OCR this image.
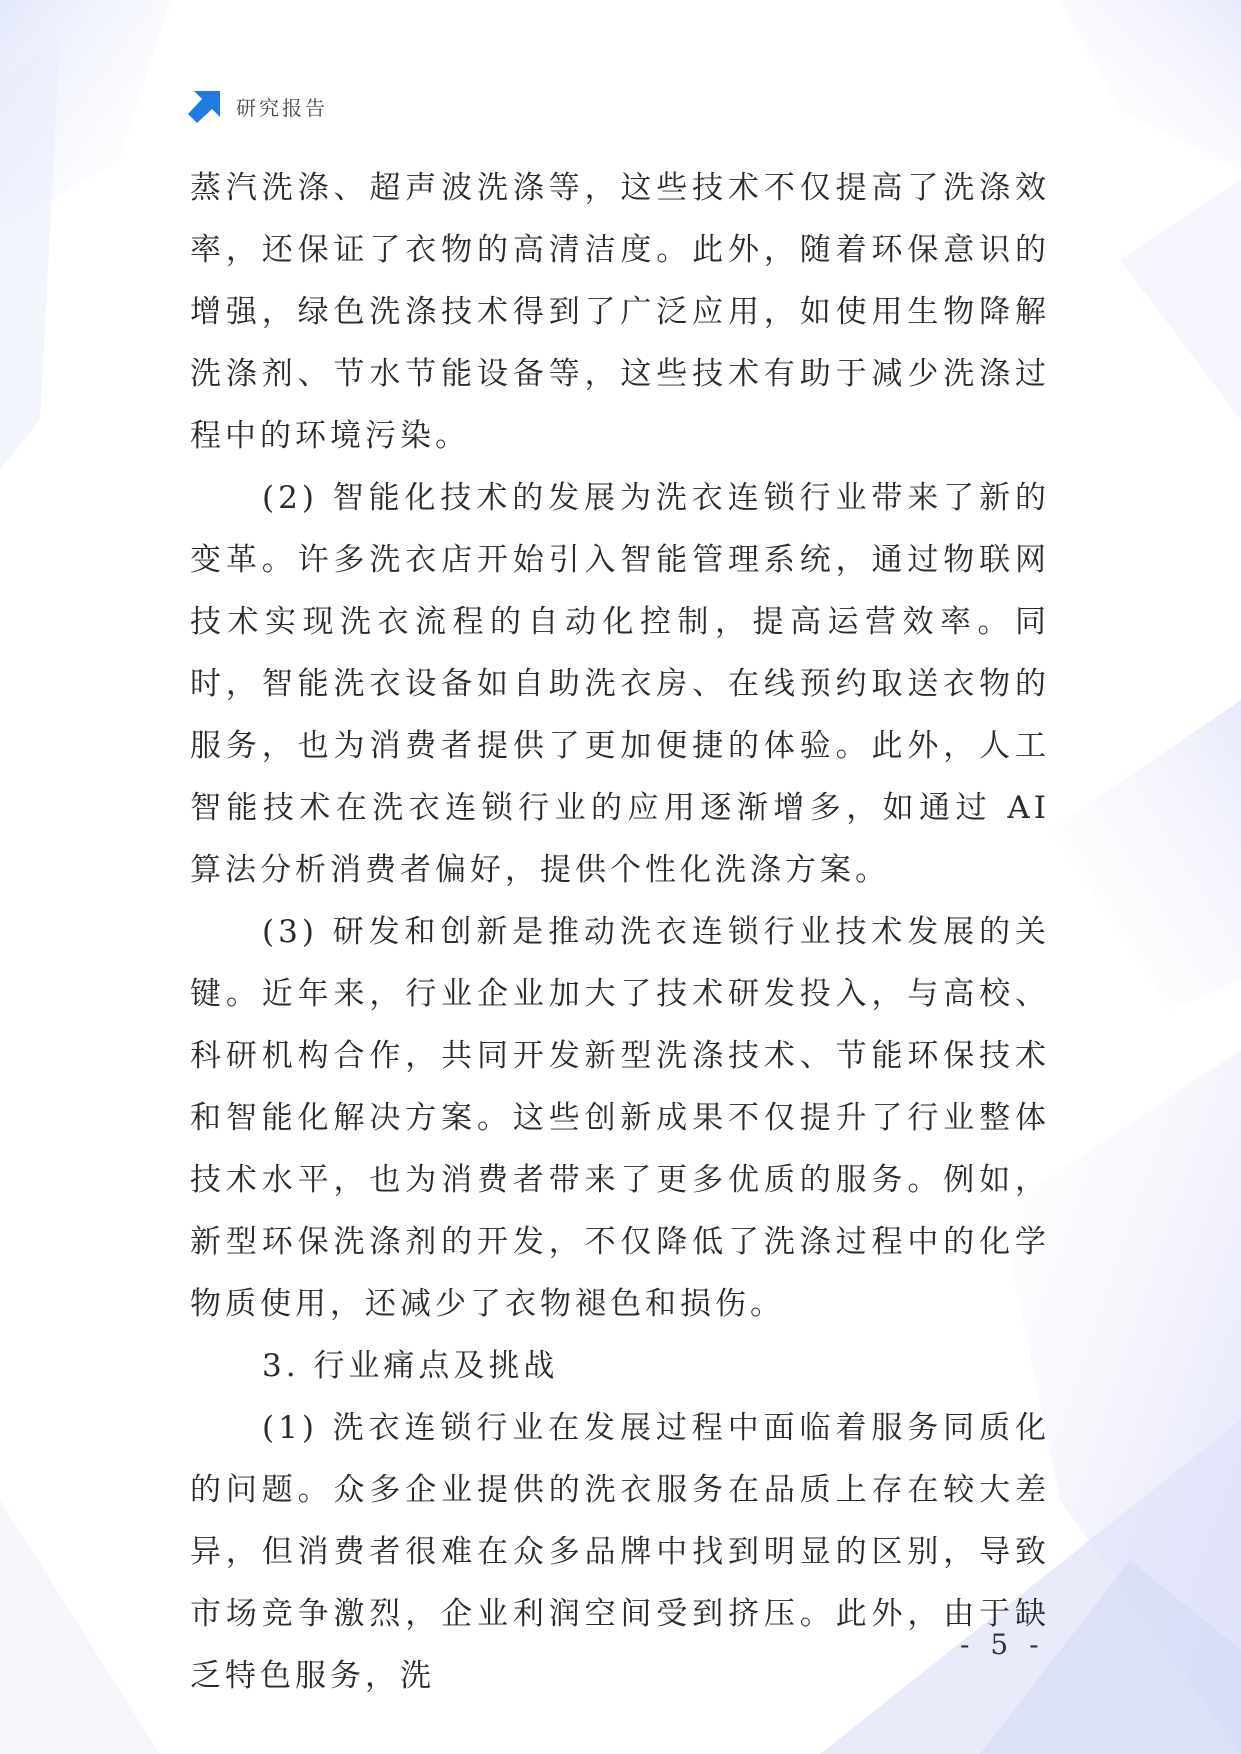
研究报告

蒸汽洗涤、超声波洗涤等，这些技术不仅提高了洗涤效率，还保证了衣物的高清洁度。此外，随着环保意识的增强，绿色洗涤技术得到了广泛应用，如使用生物降解洗涤剂、节水节能设备等，这些技术有助于减少洗涤过程中的环境污染。

(2) 智能化技术的发展为洗衣连锁行业带来了新的变革。许多洗衣店开始引入智能管理系统，通过物联网技术实现洗衣流程的自动化控制，提高运营效率。同时，智能洗衣设备如自助洗衣房、在线预约取送衣物的服务，也为消费者提供了更加便捷的体验。此外，人工智能技术在洗衣连锁行业的应用逐渐增多，如通过 AI 算法分析消费者偏好，提供个性化洗涤方案。

(3) 研发和创新是推动洗衣连锁行业技术发展的关键。近年来，行业企业加大了技术研发投入，与高校、科研机构合作，共同开发新型洗涤技术、节能环保技术和智能化解决方案。这些创新成果不仅提升了行业整体技术水平，也为消费者带来了更多优质的服务。例如，新型环保洗涤剂的开发，不仅降低了洗涤过程中的化学物质使用，还减少了衣物褪色和损伤。

3. 行业痛点及挑战

(1) 洗衣连锁行业在发展过程中面临着服务同质化的问题。众多企业提供的洗衣服务在品质上存在较大差异，但消费者很难在众多品牌中找到明显的区别，导致市场竞争激烈，企业利润空间受到挤压。此外，由于缺乏特色服务，洗

- 5 -
